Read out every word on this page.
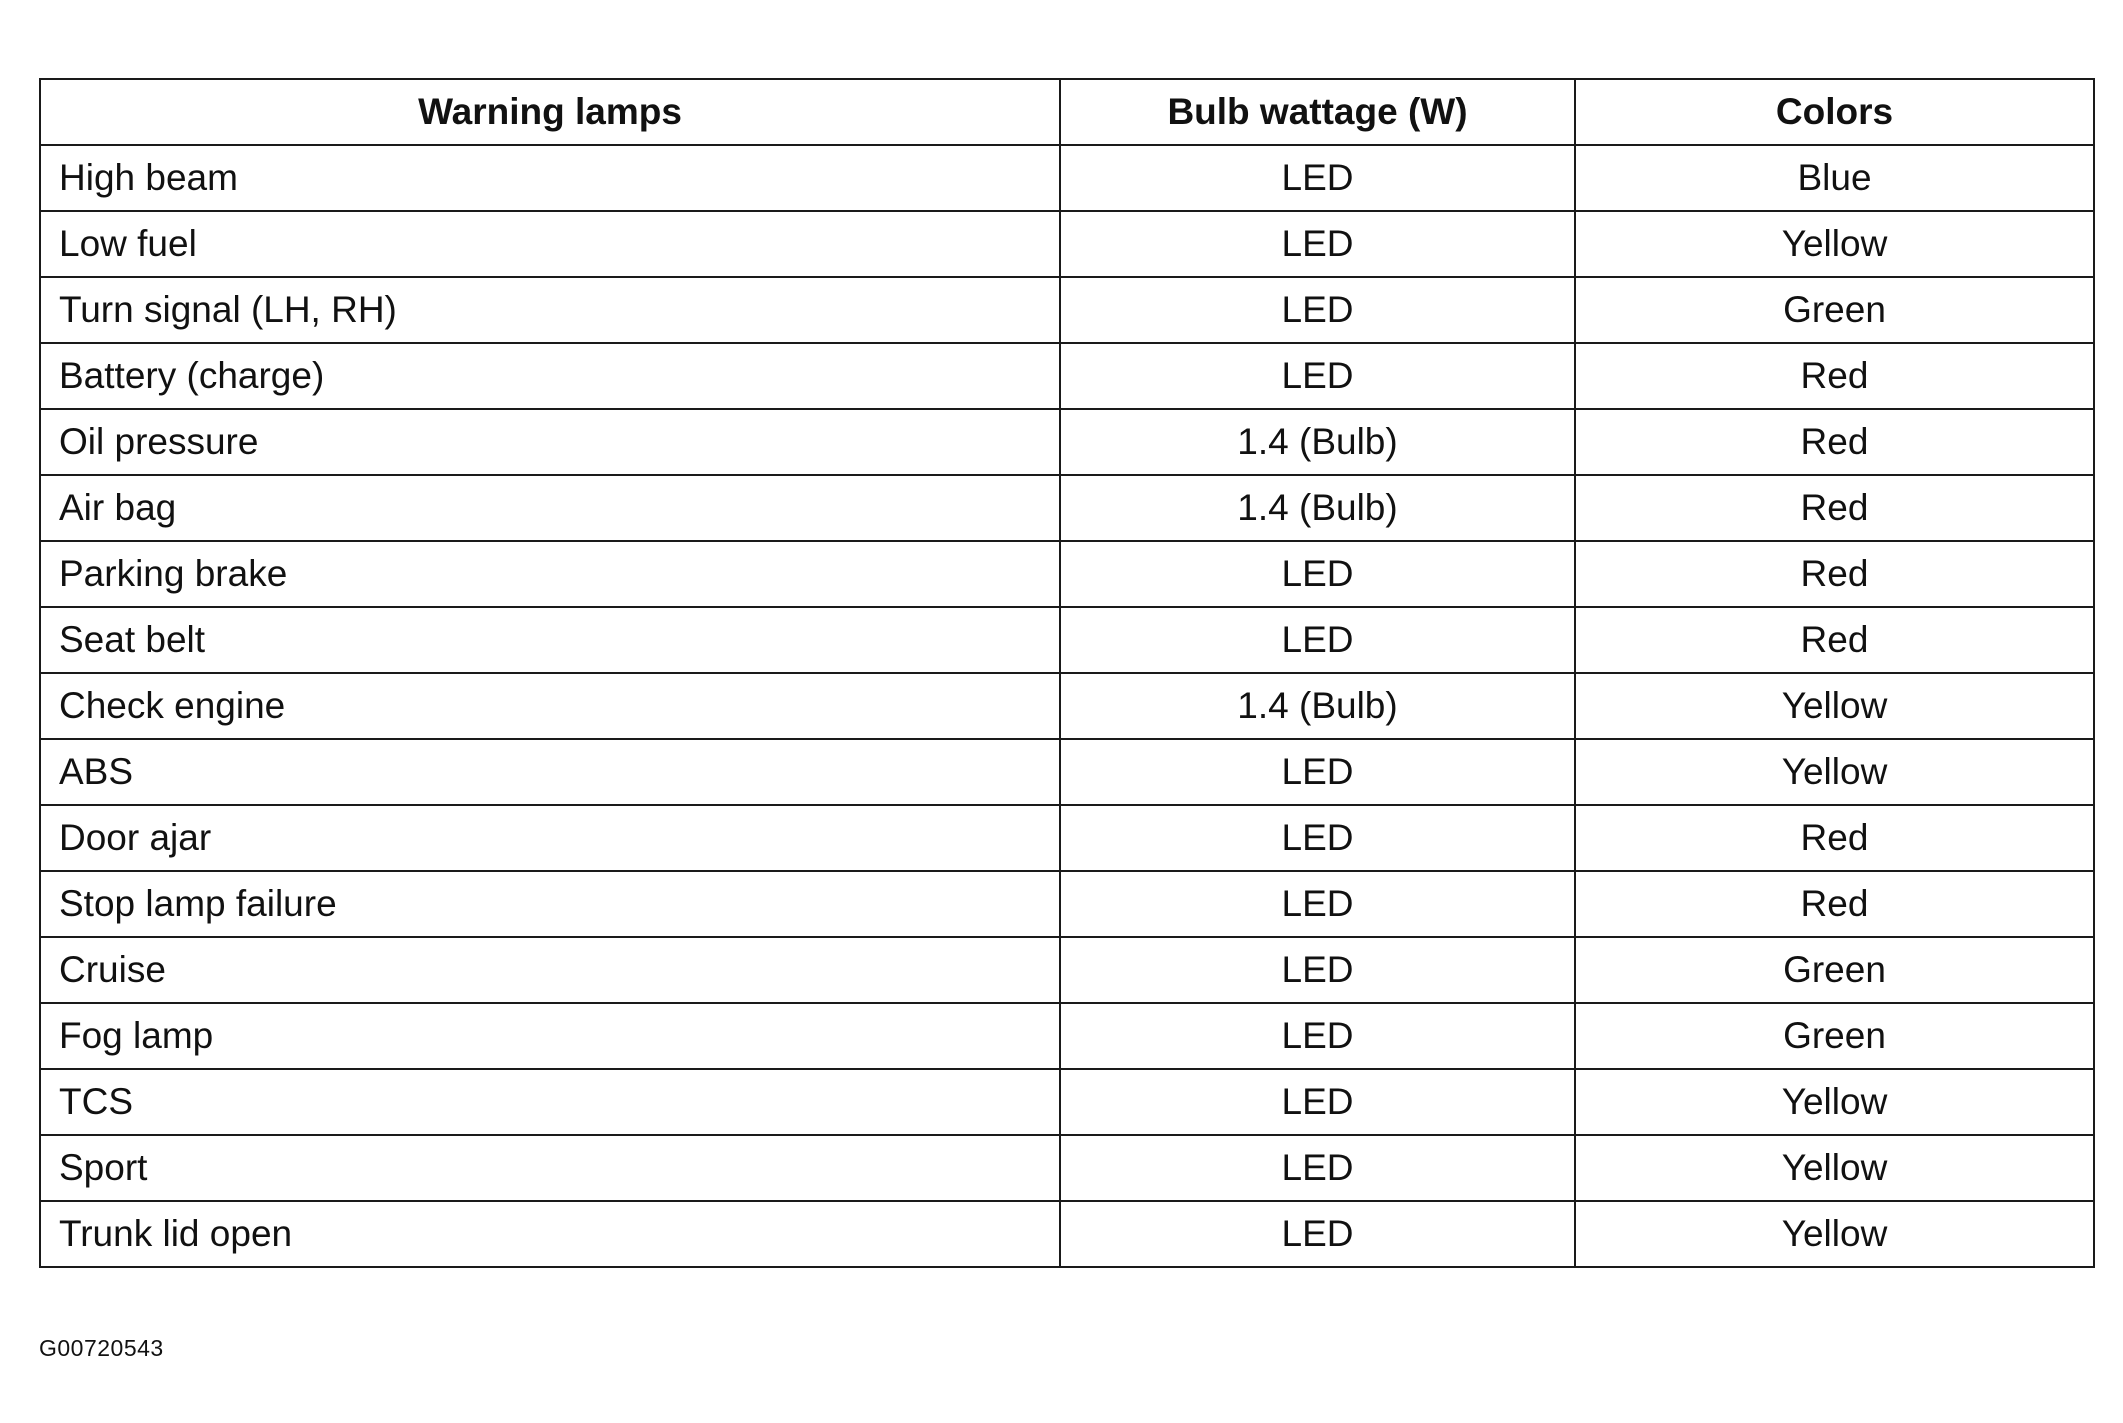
Warning lamps	Bulb wattage (W)	Colors
High beam	LED	Blue
Low fuel	LED	Yellow
Turn signal (LH, RH)	LED	Green
Battery (charge)	LED	Red
Oil pressure	1.4 (Bulb)	Red
Air bag	1.4 (Bulb)	Red
Parking brake	LED	Red
Seat belt	LED	Red
Check engine	1.4 (Bulb)	Yellow
ABS	LED	Yellow
Door ajar	LED	Red
Stop lamp failure	LED	Red
Cruise	LED	Green
Fog lamp	LED	Green
TCS	LED	Yellow
Sport	LED	Yellow
Trunk lid open	LED	Yellow
G00720543
